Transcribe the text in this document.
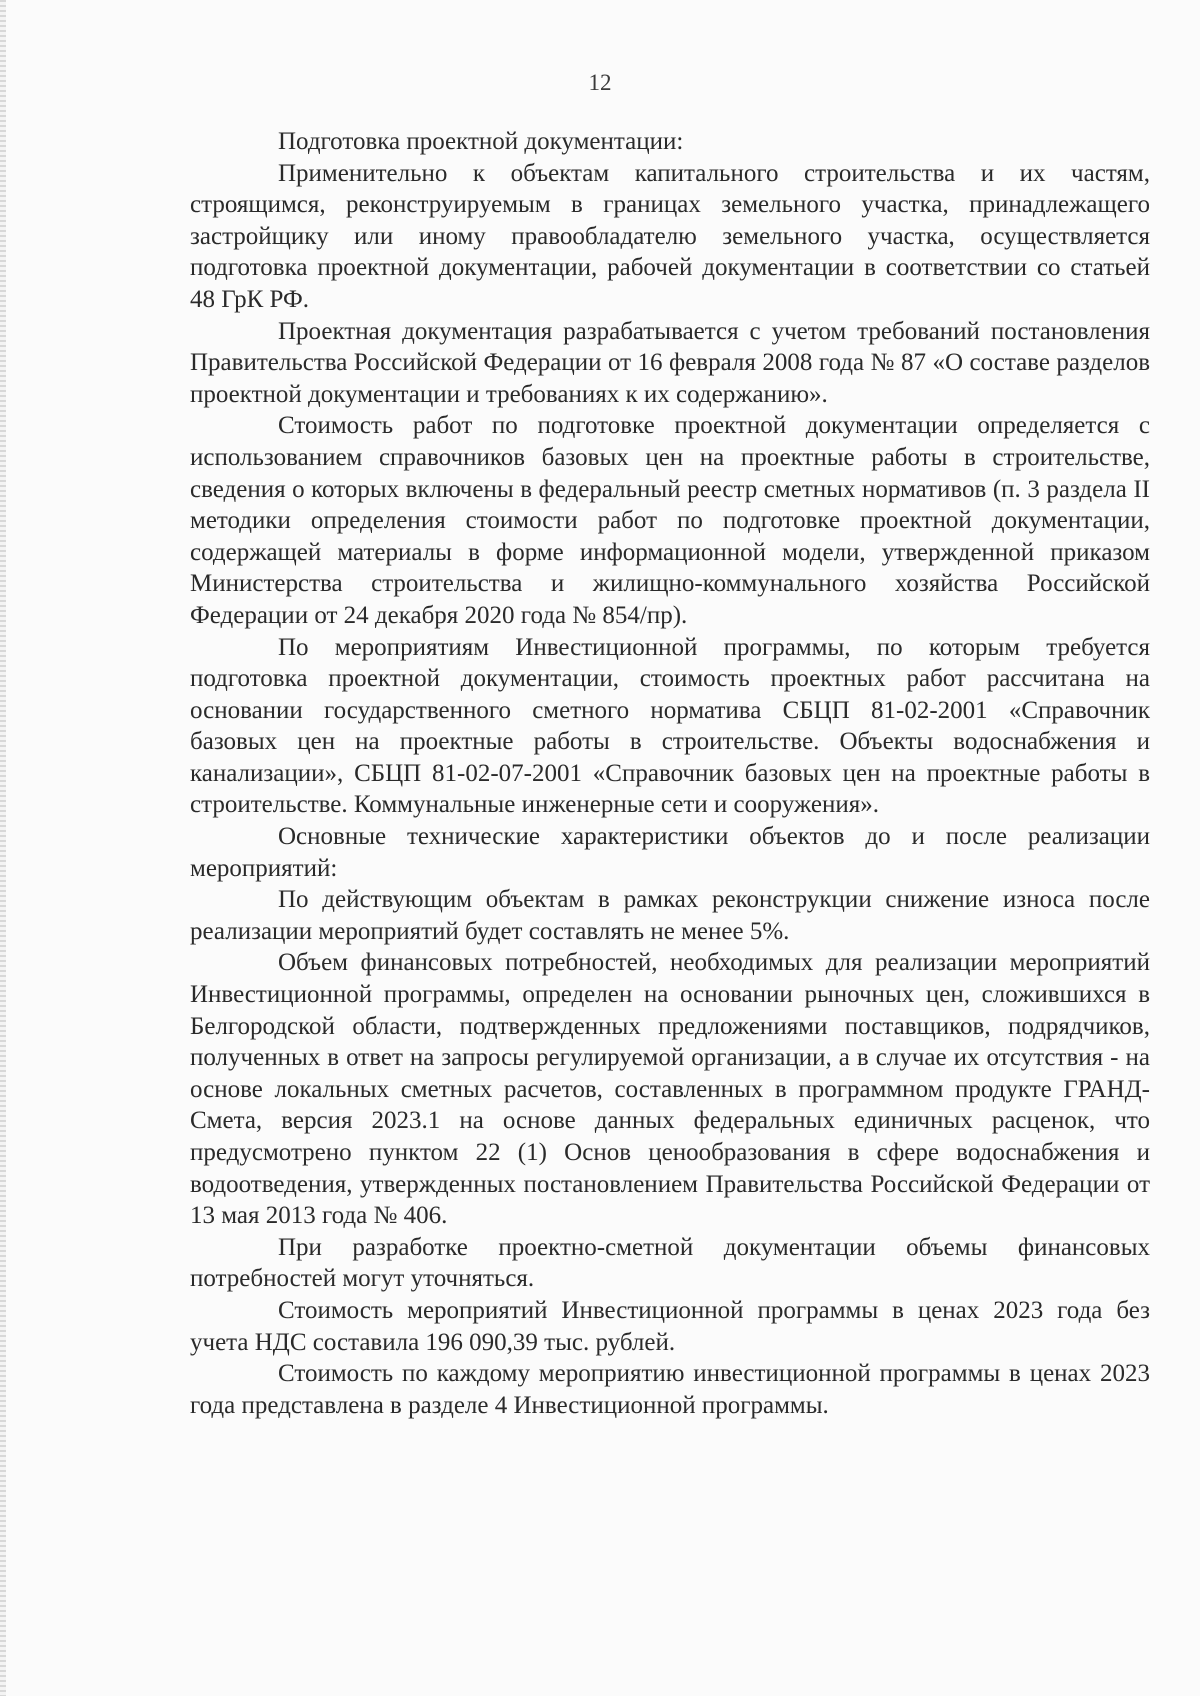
12

Подготовка проектной документации:

Применительно к объектам капитального строительства и их частям, строящимся, реконструируемым в границах земельного участка, принадлежащего застройщику или иному правообладателю земельного участка, осуществляется подготовка проектной документации, рабочей документации в соответствии со статьей 48 ГрК РФ.

Проектная документация разрабатывается с учетом требований постановления Правительства Российской Федерации от 16 февраля 2008 года № 87 «О составе разделов проектной документации и требованиях к их содержанию».

Стоимость работ по подготовке проектной документации определяется с использованием справочников базовых цен на проектные работы в строительстве, сведения о которых включены в федеральный реестр сметных нормативов (п. 3 раздела II методики определения стоимости работ по подготовке проектной документации, содержащей материалы в форме информационной модели, утвержденной приказом Министерства строительства и жилищно-коммунального хозяйства Российской Федерации от 24 декабря 2020 года № 854/пр).

По мероприятиям Инвестиционной программы, по которым требуется подготовка проектной документации, стоимость проектных работ рассчитана на основании государственного сметного норматива СБЦП 81-02-2001 «Справочник базовых цен на проектные работы в строительстве. Объекты водоснабжения и канализации», СБЦП 81-02-07-2001 «Справочник базовых цен на проектные работы в строительстве. Коммунальные инженерные сети и сооружения».

Основные технические характеристики объектов до и после реализации мероприятий:

По действующим объектам в рамках реконструкции снижение износа после реализации мероприятий будет составлять не менее 5%.

Объем финансовых потребностей, необходимых для реализации мероприятий Инвестиционной программы, определен на основании рыночных цен, сложившихся в Белгородской области, подтвержденных предложениями поставщиков, подрядчиков, полученных в ответ на запросы регулируемой организации, а в случае их отсутствия - на основе локальных сметных расчетов, составленных в программном продукте ГРАНД-Смета, версия 2023.1 на основе данных федеральных единичных расценок, что предусмотрено пунктом 22 (1) Основ ценообразования в сфере водоснабжения и водоотведения, утвержденных постановлением Правительства Российской Федерации от 13 мая 2013 года № 406.

При разработке проектно-сметной документации объемы финансовых потребностей могут уточняться.

Стоимость мероприятий Инвестиционной программы в ценах 2023 года без учета НДС составила 196 090,39 тыс. рублей.

Стоимость по каждому мероприятию инвестиционной программы в ценах 2023 года представлена в разделе 4 Инвестиционной программы.
